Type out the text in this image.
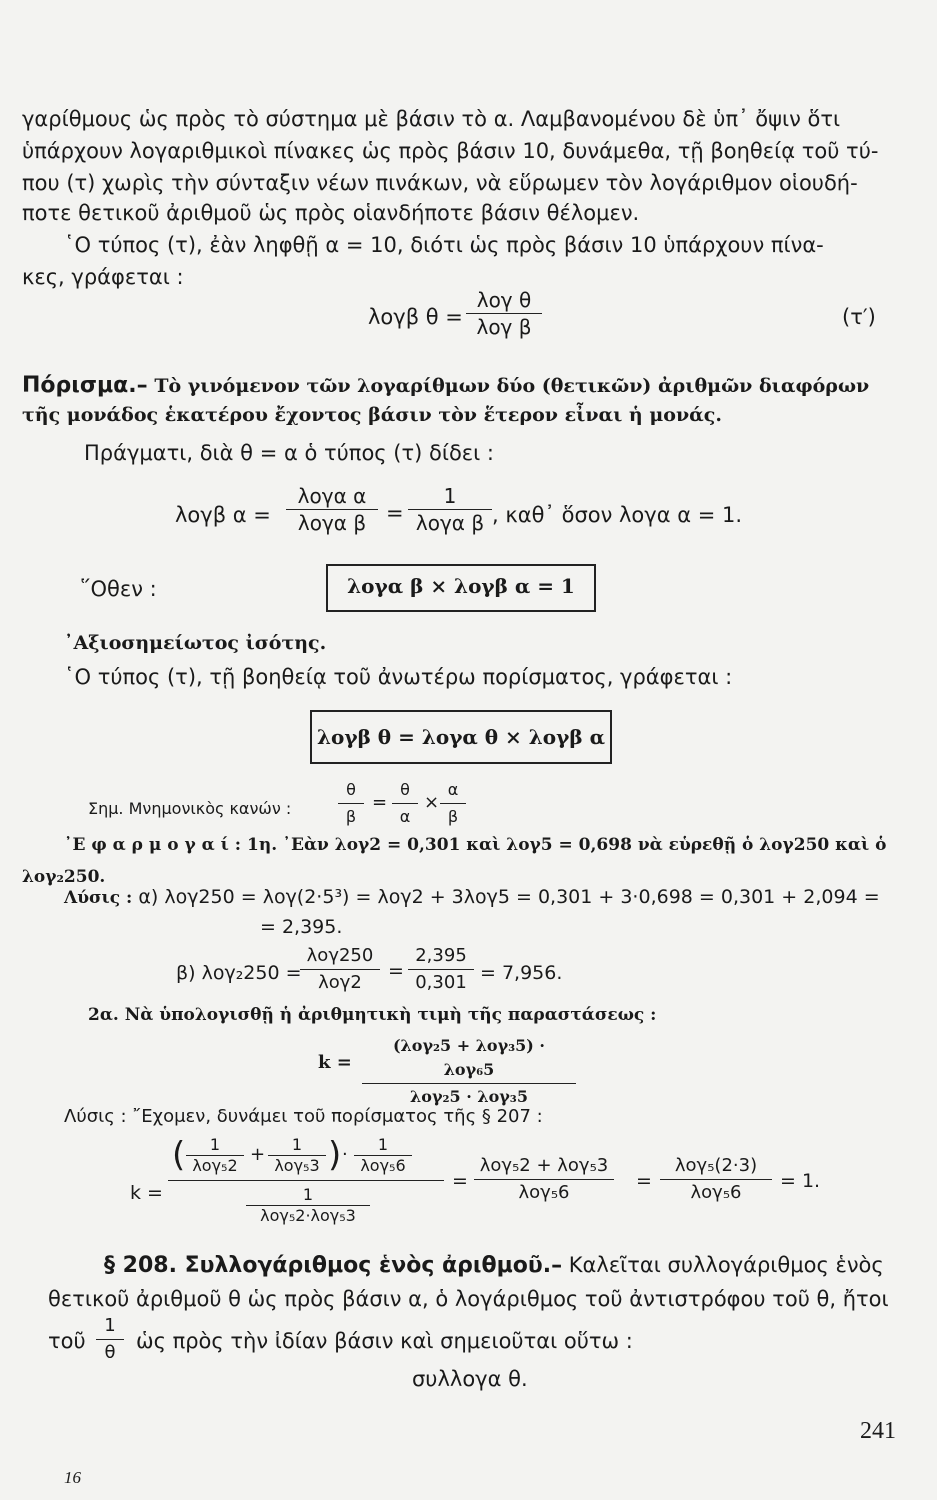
γαρίθμους ὡς πρὸς τὸ σύστημα μὲ βάσιν τὸ α. Λαμβανομένου δὲ ὑπ᾽ ὄψιν ὅτι
ὑπάρχουν λογαριθμικοὶ πίνακες ὡς πρὸς βάσιν 10, δυνάμεθα, τῇ βοηθείᾳ τοῦ τύ-
που (τ) χωρὶς τὴν σύνταξιν νέων πινάκων, νὰ εὕρωμεν τὸν λογάριθμον οἱουδή-
ποτε θετικοῦ ἀριθμοῦ ὡς πρὸς οἱανδήποτε βάσιν θέλομεν.
῾Ο τύπος (τ), ἐὰν ληφθῇ α = 10, διότι ὡς πρὸς βάσιν 10 ὑπάρχουν πίνα-
κες, γράφεται :
λογβ θ =
λογ θ
λογ β	(τ′)
Πόρισμα.– Τὸ γινόμενον τῶν λογαρίθμων δύο (θετικῶν) ἀριθμῶν διαφόρων
τῆς μονάδος ἑκατέρου ἔχοντος βάσιν τὸν ἕτερον εἶναι ἡ μονάς.
Πράγματι, διὰ θ = α ὁ τύπος (τ) δίδει :
λογβ α =
λογα α
λογα β =
1
λογα β , καθ᾽ ὅσον λογα α = 1.
῞Οθεν :	λογα β × λογβ α = 1
᾽Αξιοσημείωτος ἰσότης.
῾Ο τύπος (τ), τῇ βοηθείᾳ τοῦ ἀνωτέρω πορίσματος, γράφεται :
λογβ θ = λογα θ × λογβ α
Σημ. Μνημονικὸς κανών :	$\frac{\theta}{\beta} = \frac{\theta}{\alpha} \times \frac{\alpha}{\beta}$
᾽Ε φ α ρ μ ο γ α ί : 1η. ᾽Εὰν λογ2 = 0,301 καὶ λογ5 = 0,698 νὰ εὑρεθῇ ὁ λογ250 καὶ ὁ
λογ₂250.
Λύσις : α) λογ250 = λογ(2·5³) = λογ2 + 3λογ5 = 0,301 + 3·0,698 = 0,301 + 2,094 =
= 2,395.
β) λογ₂250 =
λογ250
λογ2
= $\frac{2,395}{0,301} = 7,956$.
2α. Νὰ ὑπολογισθῇ ἡ ἀριθμητικὴ τιμὴ τῆς παραστάσεως :
k =
(λογ₂5 + λογ₃5) · λογ₆5
λογ₂5 · λογ₃5
Λύσις : ῎Εχομεν, δυνάμει τοῦ πορίσματος τῆς § 207 :
k =
(	1
λογ₅2
+	1
λογ₅3 ) ·	1
λογ₅6
1
λογ₅2·λογ₅3
=
λογ₅2 + λογ₅3
λογ₅6
=
λογ₅(2·3)
λογ₅6
= 1.
§ 208. Συλλογάριθμος ἑνὸς ἀριθμοῦ.– Καλεῖται συλλογάριθμος ἑνὸς
θετικοῦ ἀριθμοῦ θ ὡς πρὸς βάσιν α, ὁ λογάριθμος τοῦ ἀντιστρόφου τοῦ θ, ἤτοι
τοῦ $\frac{1}{\theta}$ ὡς πρὸς τὴν ἰδίαν βάσιν καὶ σημειοῦται οὕτω :
συλλογα θ.
16
241
